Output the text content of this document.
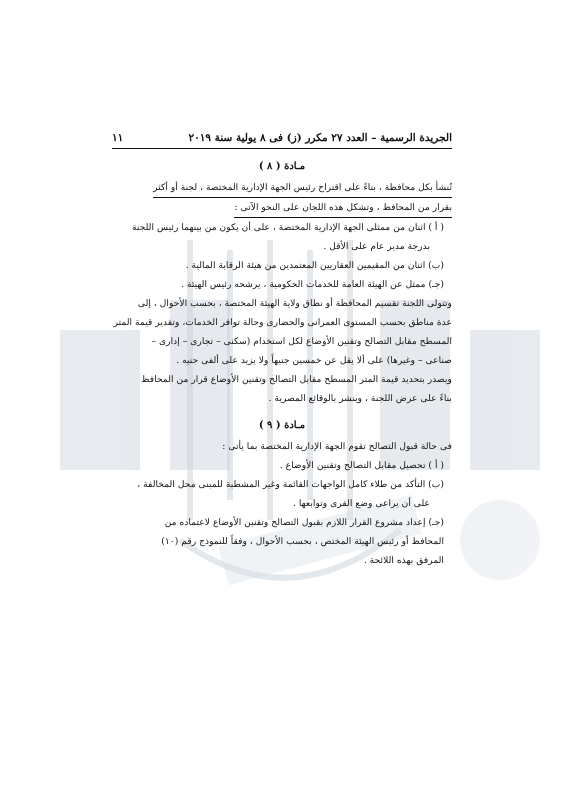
الجريدة الرسمية – العدد ٢٧ مكرر (ز) فى ٨ يولية سنة ٢٠١٩
١١
مـادة ( ٨ )
تُنشأ بكل محافظة ، بناءً على اقتراح رئيس الجهة الإدارية المختصة ، لجنة أو أكثر
بقرار من المحافظ ، وتشكل هذه اللجان على النحو الآتى :
( أ ) اثنان من ممثلى الجهة الإدارية المختصة ، على أن يكون من بينهما رئيس اللجنة
بدرجة مدير عام على الأقل .
(ب) اثنان من المقيمين العقاريين المعتمدين من هيئة الرقابة المالية .
(جـ) ممثل عن الهيئة العامة للخدمات الحكومية ، يرشحه رئيس الهيئة .
وتتولى اللجنة تقسيم المحافظة أو نطاق ولاية الهيئة المختصة ، بحسب الأحوال ، إلى
عدة مناطق بحسب المستوى العمرانى والحضارى وحالة توافر الخدمات، وتقدير قيمة المتر
المسطح مقابل التصالح وتقنين الأوضاع لكل استخدام (سكنى – تجارى – إدارى –
صناعى – وغيرها) على ألا يقل عن خمسين جنيهاً ولا يزيد على ألفى جنيه .
ويصدر بتحديد قيمة المتر المسطح مقابل التصالح وتقنين الأوضاع قرار من المحافظ
بناءً على عرض اللجنة ، وينشر بالوقائع المصرية .
مـادة ( ٩ )
فى حالة قبول التصالح تقوم الجهة الإدارية المختصة بما يأتى :
( أ ) تحصيل مقابل التصالح وتقنين الأوضاع .
(ب) التأكد من طلاء كامل الواجهات القائمة وغير المشطبة للمبنى محل المخالفة ،
على أن يراعى وضع القرى وتوابعها .
(جـ) إعداد مشروع القرار اللازم بقبول التصالح وتقنين الأوضاع لاعتماده من
المحافظ أو رئيس الهيئة المختص ، بحسب الأحوال ، وفقاً للنموذج رقم (١٠)
المرفق بهذه اللائحة .
